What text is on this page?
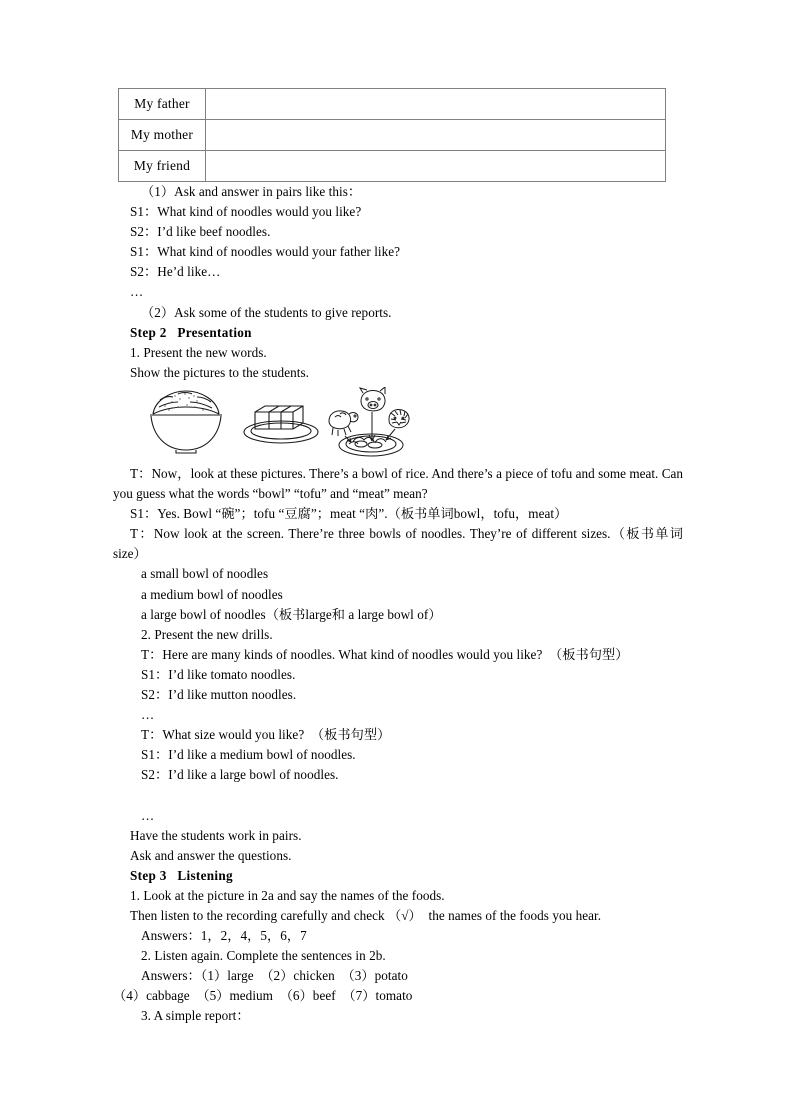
My father	
My mother	
My friend	
（1）Ask and answer in pairs like this：
S1：What kind of noodles would you like?
S2：I’d like beef noodles.
S1：What kind of noodles would your father like?
S2：He’d like…
…
（2）Ask some of the students to give reports.
Step 2   Presentation
1. Present the new words.
Show the pictures to the students.
T：Now，look at these pictures. There’s a bowl of rice. And there’s a piece of tofu and some meat. Can you guess what the words “bowl” “tofu” and “meat” mean?
S1：Yes. Bowl “碗”；tofu “豆腐”；meat “肉”.（板书单词bowl，tofu，meat）
T：Now look at the screen. There’re three bowls of noodles. They’re of different sizes.（板书单词size）
a small bowl of noodles
a medium bowl of noodles
a large bowl of noodles（板书large和 a large bowl of）
2. Present the new drills.
T：Here are many kinds of noodles. What kind of noodles would you like?  （板书句型）
S1：I’d like tomato noodles.
S2：I’d like mutton noodles.
…
T：What size would you like?  （板书句型）
S1：I’d like a medium bowl of noodles.
S2：I’d like a large bowl of noodles.

…
Have the students work in pairs.
Ask and answer the questions.
Step 3   Listening
1. Look at the picture in 2a and say the names of the foods.
Then listen to the recording carefully and check （√）  the names of the foods you hear.
Answers：1，2，4，5，6，7
2. Listen again. Complete the sentences in 2b.
Answers：（1）large  （2）chicken  （3）potato
（4）cabbage  （5）medium  （6）beef  （7）tomato
3. A simple report：
